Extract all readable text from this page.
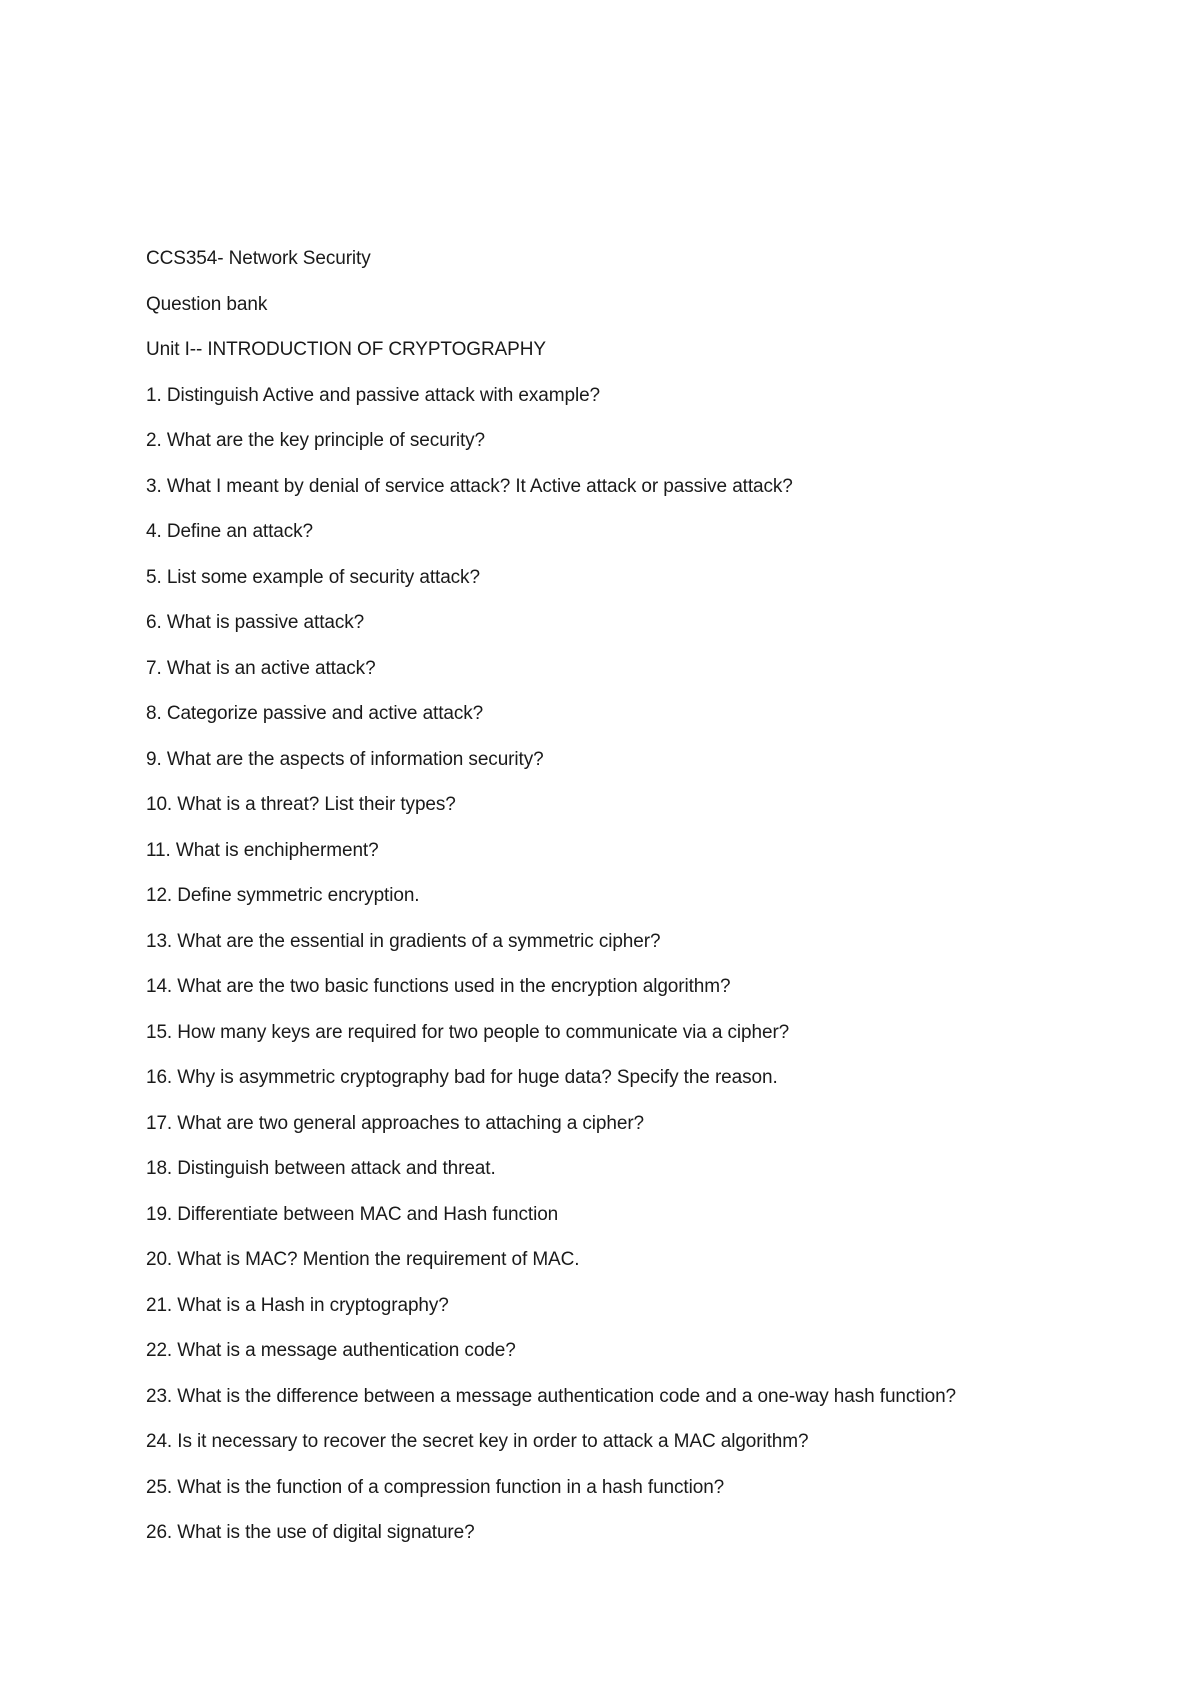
CCS354- Network Security
Question bank
Unit I-- INTRODUCTION OF CRYPTOGRAPHY
1. Distinguish Active and passive attack with example?
2. What are the key principle of security?
3. What I meant by denial of service attack? It Active attack or passive attack?
4. Define an attack?
5. List some example of security attack?
6. What is passive attack?
7. What is an active attack?
8. Categorize passive and active attack?
9. What are the aspects of information security?
10. What is a threat? List their types?
11. What is enchipherment?
12. Define symmetric encryption.
13. What are the essential in gradients of a symmetric cipher?
14. What are the two basic functions used in the encryption algorithm?
15. How many keys are required for two people to communicate via a cipher?
16. Why is asymmetric cryptography bad for huge data? Specify the reason.
17. What are two general approaches to attaching a cipher?
18. Distinguish between attack and threat.
19. Differentiate between MAC and Hash function
20. What is MAC? Mention the requirement of MAC.
21. What is a Hash in cryptography?
22. What is a message authentication code?
23. What is the difference between a message authentication code and a one-way hash function?
24. Is it necessary to recover the secret key in order to attack a MAC algorithm?
25. What is the function of a compression function in a hash function?
26. What is the use of digital signature?
